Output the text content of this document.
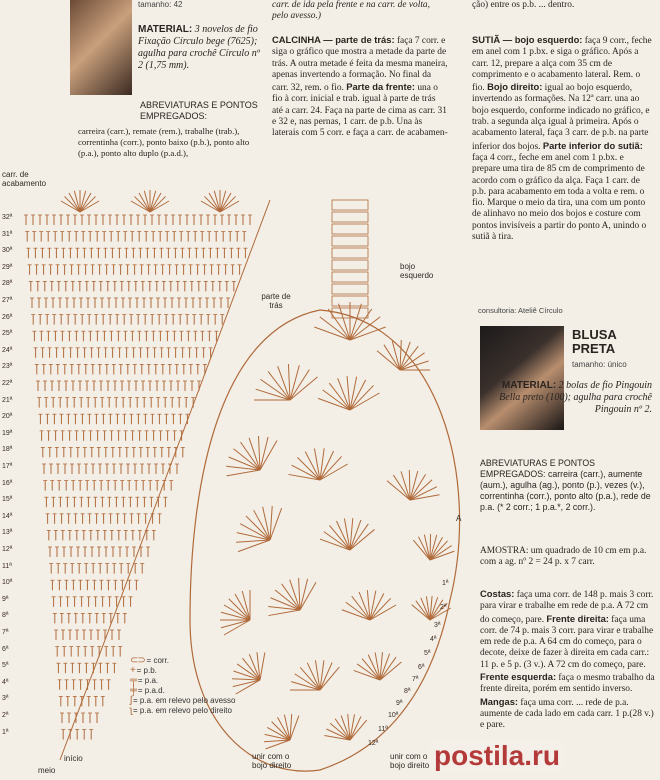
tamanho: 42
MATERIAL: 3 novelos de fio Fixação Círculo bege (7625); agulha para crochê Círculo nº 2 (1,75 mm).
ABREVIATURAS E PONTOS EMPREGADOS:
carreira (carr.), remate (rem.), trabalhe (trab.), correntinha (corr.), ponto baixo (p.b.), ponto alto (p.a.), ponto alto duplo (p.a.d.),
carr. de ida pela frente e na carr. de volta, pelo avesso.)
CALCINHA — parte de trás: faça 7 corr. e siga o gráfico que mostra a metade da parte de trás. A outra metade é feita da mesma maneira, apenas invertendo a formação. No final da carr. 32, rem. o fio. Parte da frente: una o fio à corr. inicial e trab. igual à parte de trás até a carr. 24. Faça na parte de cima as carr. 31 e 32 e, nas pernas, 1 carr. de p.b. Una às laterais com 5 corr. e faça a carr. de acabamen-
ção) entre os p.b. ... dentro.
SUTIÃ — bojo esquerdo: faça 9 corr., feche em anel com 1 p.bx. e siga o gráfico. Após a carr. 12, prepare a alça com 35 cm de comprimento e o acabamento lateral. Rem. o fio. Bojo direito: igual ao bojo esquerdo, invertendo as formações. Na 12ª carr. una ao bojo esquerdo, conforme indicado no gráfico, e trab. a segunda alça igual à primeira. Após o acabamento lateral, faça 3 carr. de p.b. na parte inferior dos bojos. Parte inferior do sutiã: faça 4 corr., feche em anel com 1 p.bx. e prepare uma tira de 85 cm de comprimento de acordo com o gráfico da alça. Faça 1 carr. de p.b. para acabamento em toda a volta e rem. o fio. Marque o meio da tira, una com um ponto de alinhavo no meio dos bojos e costure com pontos invisíveis a partir do ponto A, unindo o sutiã à tira.
consultoria: Ateliê Círculo
BLUSA PRETA
tamanho: único
MATERIAL: 2 bolas de fio Pingouin Bella preto (100); agulha para crochê Pingouin nº 2.
ABREVIATURAS E PONTOS EMPREGADOS: carreira (carr.), aumente (aum.), agulha (ag.), ponto (p.), vezes (v.), correntinha (corr.), ponto alto (p.a.), rede de p.a. (* 2 corr.; 1 p.a.*, 2 corr.).
AMOSTRA: um quadrado de 10 cm em p.a. com a ag. nº 2 = 24 p. x 7 carr.
Costas: faça uma corr. de 148 p. mais 3 corr. para virar e trabalhe em rede de p.a. A 72 cm do começo, pare. Frente direita: faça uma corr. de 74 p. mais 3 corr. para virar e trabalhe em rede de p.a. A 64 cm do começo, para o decote, deixe de fazer à direita em cada carr.: 11 p. e 5 p. (3 v.). A 72 cm do começo, pare. Frente esquerda: faça o mesmo trabalho da frente direita, porém em sentido inverso. Mangas: faça uma corr. ... rede de p.a. aumente de cada lado em cada carr. 1 p.(28 v.) e pare.
postila.ru
carr. de acabamento
32ª
31ª
30ª
29ª
28ª
27ª
26ª
25ª
24ª
23ª
22ª
21ª
20ª
19ª
18ª
17ª
16ª
15ª
14ª
13ª
12ª
11ª
10ª
9ª
8ª
7ª
6ª
5ª
4ª
3ª
2ª
1ª
parte de trás
bojo esquerdo
A
início
meio
unir com o bojo direito
unir com o bojo direito
1ª
2ª
3ª
4ª
5ª
6ª
7ª
8ª
9ª
10ª
11ª
12ª
⊂⊃ = corr.
+ = p.b.
╤ = p.a.
╪ = p.a.d.
ʃ = p.a. em relevo pelo avesso
ʅ = p.a. em relevo pelo direito
